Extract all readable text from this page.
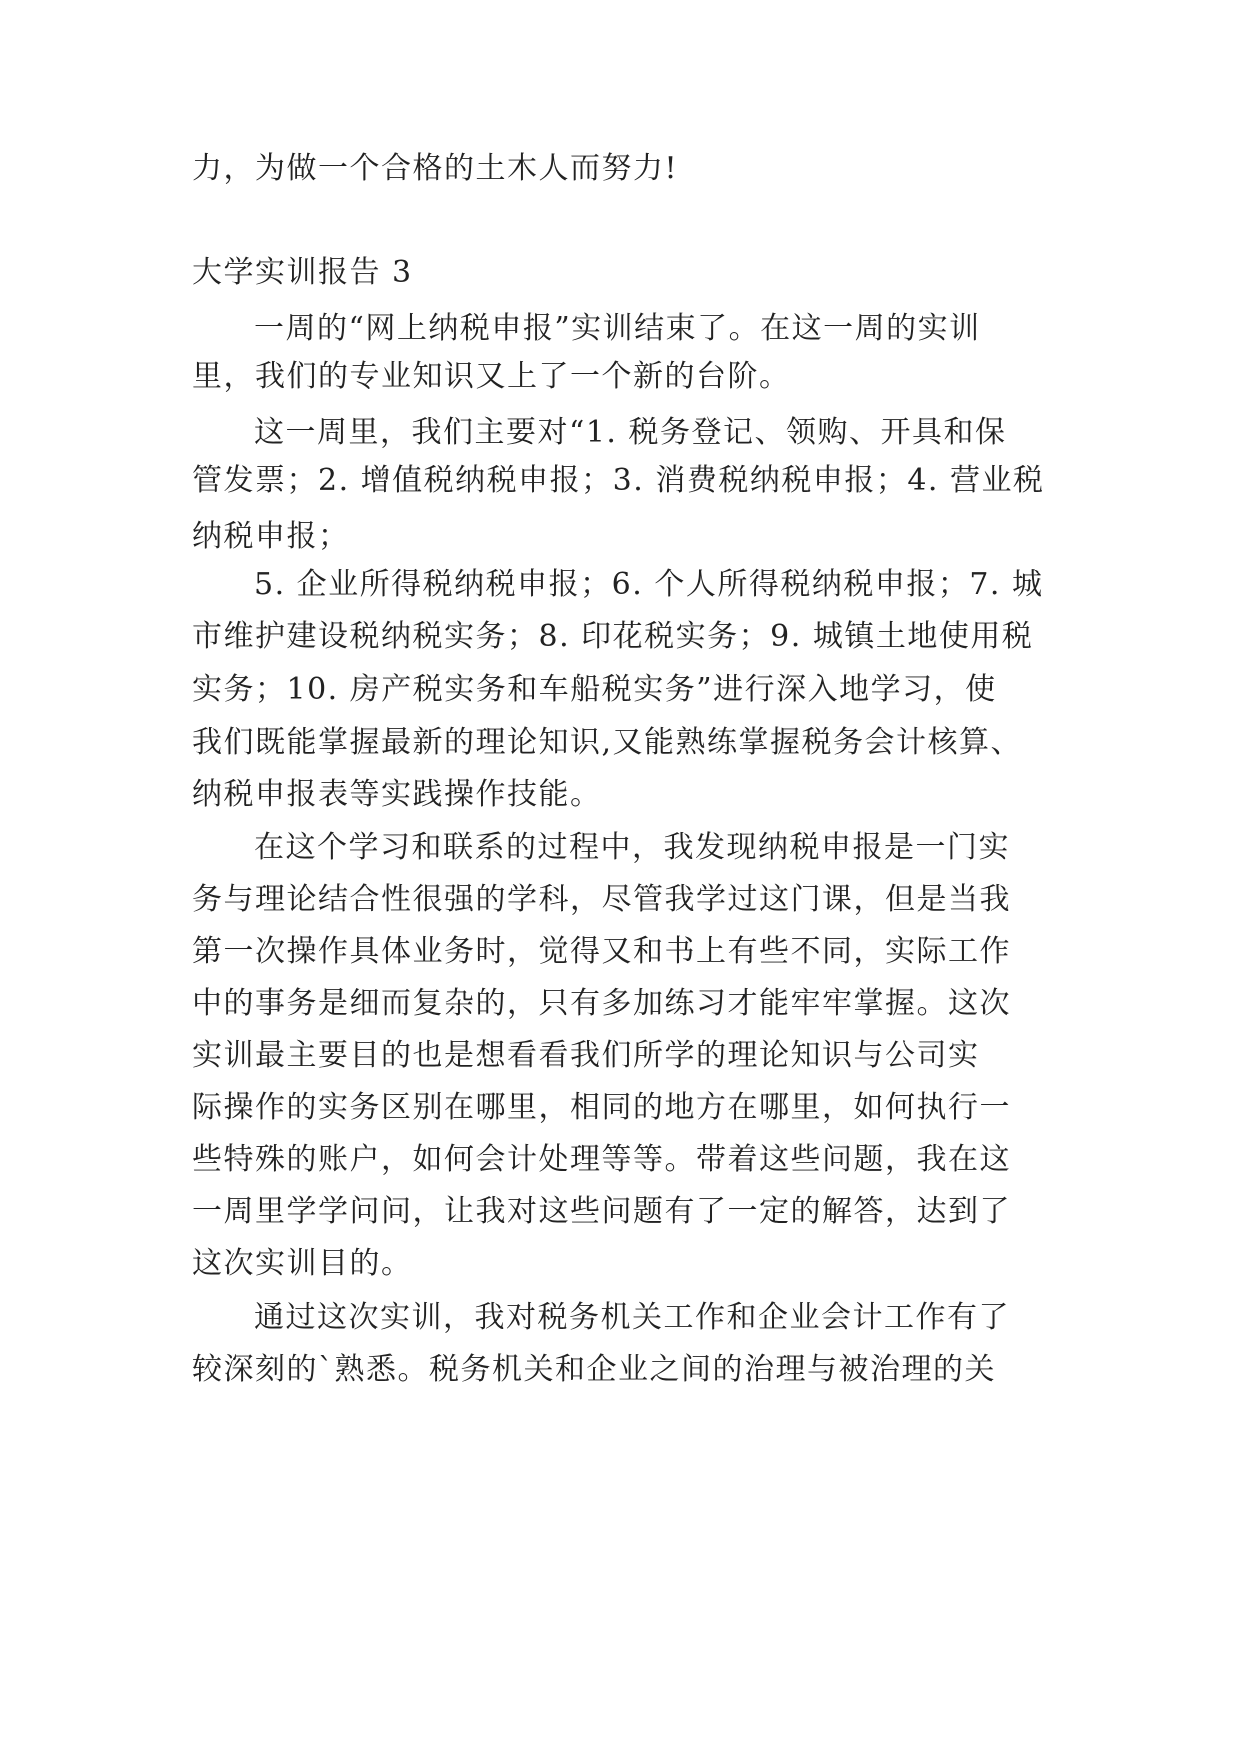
力，为做一个合格的土木人而努力!
大学实训报告 3
一周的“网上纳税申报”实训结束了。在这一周的实训
里，我们的专业知识又上了一个新的台阶。
这一周里，我们主要对“1. 税务登记、领购、开具和保
管发票；2. 增值税纳税申报；3. 消费税纳税申报；4. 营业税
纳税申报；
5. 企业所得税纳税申报；6. 个人所得税纳税申报；7. 城
市维护建设税纳税实务；8. 印花税实务；9. 城镇土地使用税
实务；10. 房产税实务和车船税实务”进行深入地学习，使
我们既能掌握最新的理论知识,又能熟练掌握税务会计核算、
纳税申报表等实践操作技能。
在这个学习和联系的过程中，我发现纳税申报是一门实
务与理论结合性很强的学科，尽管我学过这门课，但是当我
第一次操作具体业务时，觉得又和书上有些不同，实际工作
中的事务是细而复杂的，只有多加练习才能牢牢掌握。这次
实训最主要目的也是想看看我们所学的理论知识与公司实
际操作的实务区别在哪里，相同的地方在哪里，如何执行一
些特殊的账户，如何会计处理等等。带着这些问题，我在这
一周里学学问问，让我对这些问题有了一定的解答，达到了
这次实训目的。
通过这次实训，我对税务机关工作和企业会计工作有了
较深刻的`熟悉。税务机关和企业之间的治理与被治理的关
